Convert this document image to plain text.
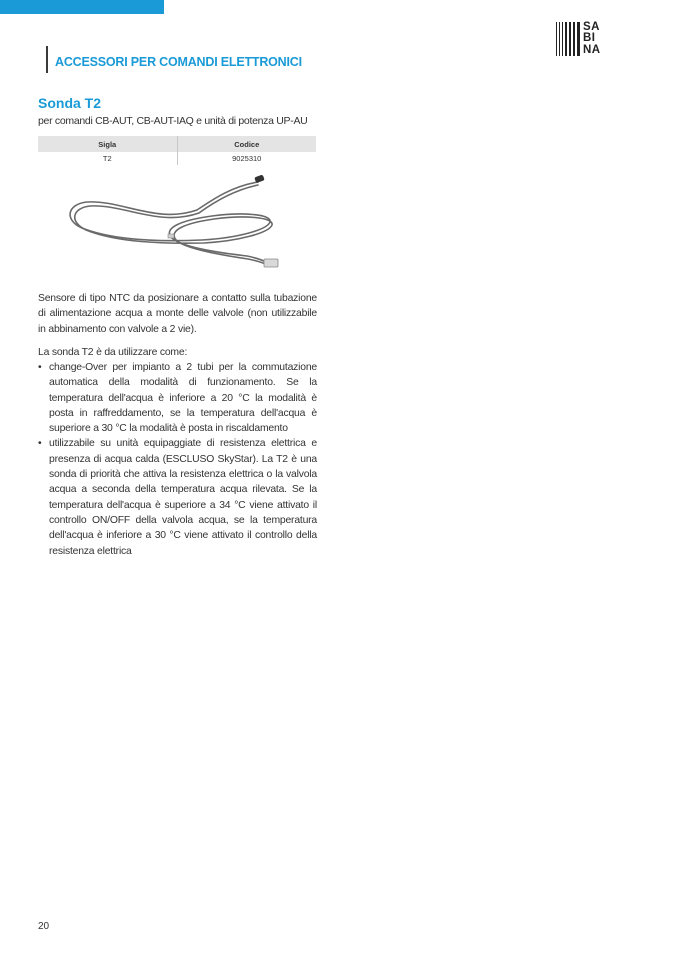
ACCESSORI PER COMANDI ELETTRONICI
SA
BI
NA
Sonda T2
per comandi CB-AUT, CB-AUT-IAQ e unità di potenza UP-AU
Sigla	Codice
T2	9025310
Sensore di tipo NTC da posizionare a contatto sulla tubazione di alimentazione acqua a monte delle valvole (non utilizzabile in abbinamento con valvole a 2 vie).
La sonda T2 è da utilizzare come:
• change-Over per impianto a 2 tubi per la commutazione automatica della modalità di funzionamento. Se la temperatura dell'acqua è inferiore a 20 °C la modalità è posta in raffreddamento, se la temperatura dell'acqua è superiore a 30 °C la modalità è posta in riscaldamento
• utilizzabile su unità equipaggiate di resistenza elettrica e presenza di acqua calda (ESCLUSO SkyStar). La T2 è una sonda di priorità che attiva la resistenza elettrica o la valvola acqua a seconda della temperatura acqua rilevata. Se la temperatura dell'acqua è superiore a 34 °C viene attivato il controllo ON/OFF della valvola acqua, se la temperatura dell'acqua è inferiore a 30 °C viene attivato il controllo della resistenza elettrica
20
